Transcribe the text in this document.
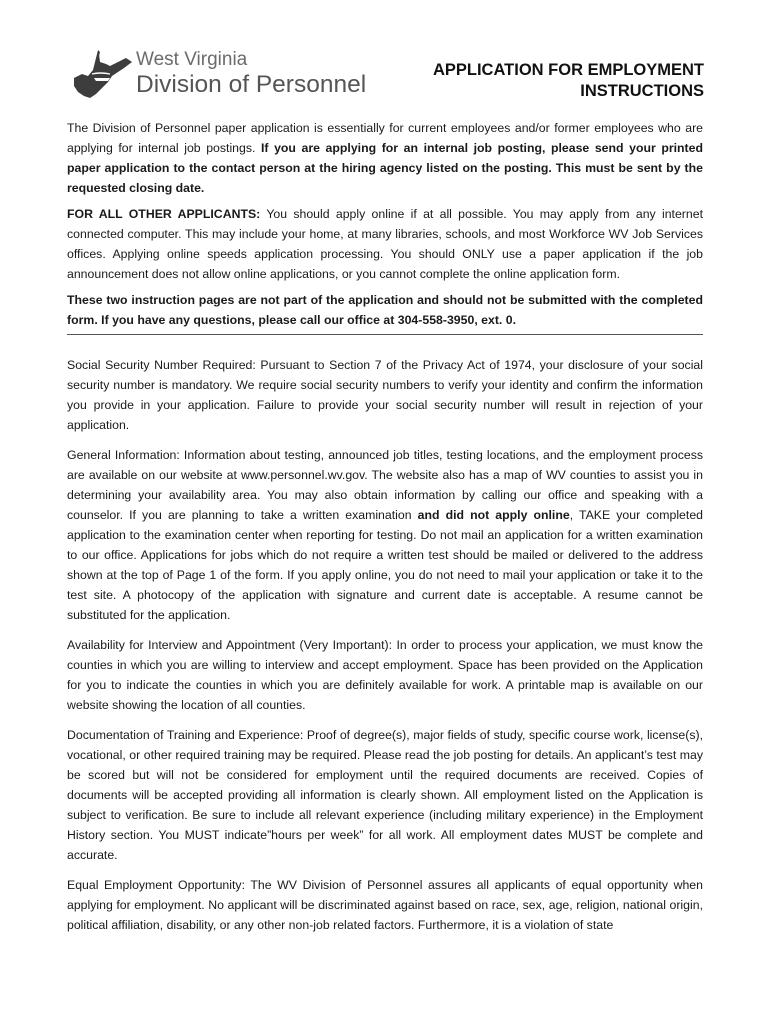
West Virginia
Division of Personnel
APPLICATION FOR EMPLOYMENT
INSTRUCTIONS

The Division of Personnel paper application is essentially for current employees and/or former employees who are applying for internal job postings. If you are applying for an internal job posting, please send your printed paper application to the contact person at the hiring agency listed on the posting. This must be sent by the requested closing date.

FOR ALL OTHER APPLICANTS: You should apply online if at all possible. You may apply from any internet connected computer. This may include your home, at many libraries, schools, and most Workforce WV Job Services offices. Applying online speeds application processing. You should ONLY use a paper application if the job announcement does not allow online applications, or you cannot complete the online application form.

These two instruction pages are not part of the application and should not be submitted with the completed form. If you have any questions, please call our office at 304-558-3950, ext. 0.

Social Security Number Required: Pursuant to Section 7 of the Privacy Act of 1974, your disclosure of your social security number is mandatory. We require social security numbers to verify your identity and confirm the information you provide in your application. Failure to provide your social security number will result in rejection of your application.

General Information: Information about testing, announced job titles, testing locations, and the employment process are available on our website at www.personnel.wv.gov. The website also has a map of WV counties to assist you in determining your availability area. You may also obtain information by calling our office and speaking with a counselor. If you are planning to take a written examination and did not apply online, TAKE your completed application to the examination center when reporting for testing. Do not mail an application for a written examination to our office. Applications for jobs which do not require a written test should be mailed or delivered to the address shown at the top of Page 1 of the form. If you apply online, you do not need to mail your application or take it to the test site. A photocopy of the application with signature and current date is acceptable. A resume cannot be substituted for the application.

Availability for Interview and Appointment (Very Important): In order to process your application, we must know the counties in which you are willing to interview and accept employment. Space has been provided on the Application for you to indicate the counties in which you are definitely available for work. A printable map is available on our website showing the location of all counties.

Documentation of Training and Experience: Proof of degree(s), major fields of study, specific course work, license(s), vocational, or other required training may be required. Please read the job posting for details. An applicant’s test may be scored but will not be considered for employment until the required documents are received. Copies of documents will be accepted providing all information is clearly shown. All employment listed on the Application is subject to verification. Be sure to include all relevant experience (including military experience) in the Employment History section. You MUST indicate”hours per week” for all work. All employment dates MUST be complete and accurate.

Equal Employment Opportunity: The WV Division of Personnel assures all applicants of equal opportunity when applying for employment. No applicant will be discriminated against based on race, sex, age, religion, national origin, political affiliation, disability, or any other non-job related factors. Furthermore, it is a violation of state
